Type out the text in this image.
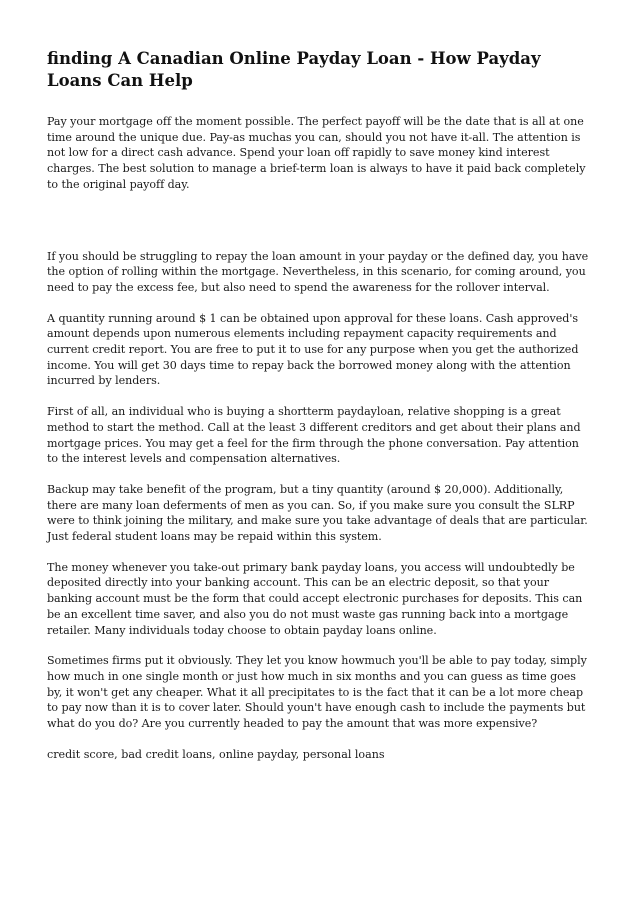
finding A Canadian Online Payday Loan - How Payday Loans Can Help

Pay your mortgage off the moment possible. The perfect payoff will be the date that is all at one time around the unique due. Pay-as muchas you can, should you not have it-all. The attention is not low for a direct cash advance. Spend your loan off rapidly to save money kind interest charges. The best solution to manage a brief-term loan is always to have it paid back completely to the original payoff day.

If you should be struggling to repay the loan amount in your payday or the defined day, you have the option of rolling within the mortgage. Nevertheless, in this scenario, for coming around, you need to pay the excess fee, but also need to spend the awareness for the rollover interval.

A quantity running around $ 1 can be obtained upon approval for these loans. Cash approved's amount depends upon numerous elements including repayment capacity requirements and current credit report. You are free to put it to use for any purpose when you get the authorized income. You will get 30 days time to repay back the borrowed money along with the attention incurred by lenders.

First of all, an individual who is buying a shortterm paydayloan, relative shopping is a great method to start the method. Call at the least 3 different creditors and get about their plans and mortgage prices. You may get a feel for the firm through the phone conversation. Pay attention to the interest levels and compensation alternatives.

Backup may take benefit of the program, but a tiny quantity (around $ 20,000). Additionally, there are many loan deferments of men as you can. So, if you make sure you consult the SLRP were to think joining the military, and make sure you take advantage of deals that are particular. Just federal student loans may be repaid within this system.

The money whenever you take-out primary bank payday loans, you access will undoubtedly be deposited directly into your banking account. This can be an electric deposit, so that your banking account must be the form that could accept electronic purchases for deposits. This can be an excellent time saver, and also you do not must waste gas running back into a mortgage retailer. Many individuals today choose to obtain payday loans online.

Sometimes firms put it obviously. They let you know howmuch you'll be able to pay today, simply how much in one single month or just how much in six months and you can guess as time goes by, it won't get any cheaper. What it all precipitates to is the fact that it can be a lot more cheap to pay now than it is to cover later. Should youn't have enough cash to include the payments but what do you do? Are you currently headed to pay the amount that was more expensive?

credit score, bad credit loans, online payday, personal loans
